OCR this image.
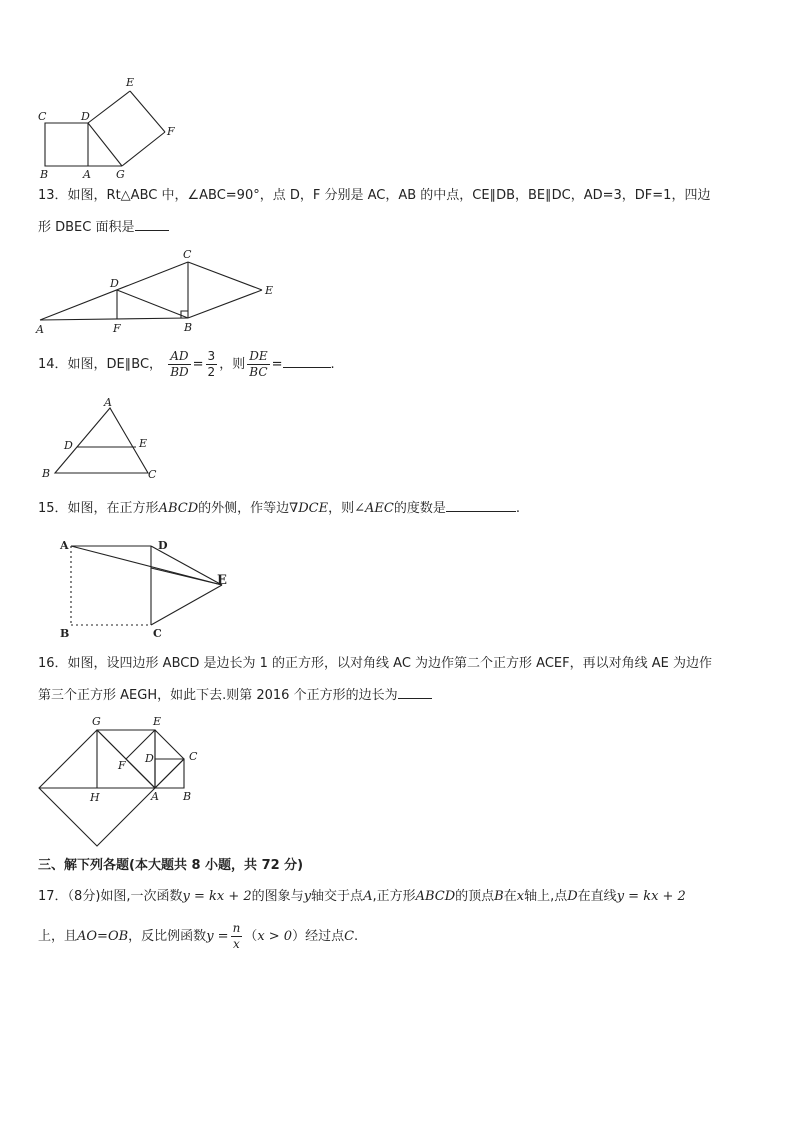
C	D
E
F
B	A G
13．如图，Rt△ABC 中，∠ABC=90°，点 D，F 分别是 AC，AB 的中点，CE∥DB，BE∥DC，AD=3，DF=1，四边
形 DBEC 面积是
A	F	B
D
C
E
14．如图，DE∥BC， $\frac{AD}{BD} = \frac{3}{2}$ ，则 $\frac{DE}{BC}$ =	.
A
D	E
B	C
15．如图，在正方形ABCD的外侧，作等边∇DCE，则∠AEC的度数是	.
A	D
E
B	C
16．如图，设四边形 ABCD 是边长为 1 的正方形，以对角线 AC 为边作第二个正方形 ACEF，再以对角线 AE 为边作
第三个正方形 AEGH，如此下去.则第 2016 个正方形的边长为
G	E
F
D	C
H	A B
三、解下列各题(本大题共 8 小题，共 72 分)
17．（8分)如图,一次函数y = kx + 2的图象与y轴交于点A,正方形ABCD的顶点B在x轴上,点D在直线y = kx + 2
上，且AO=OB，反比例函数$y = \frac{n}{x} (x > 0)$经过点C.
